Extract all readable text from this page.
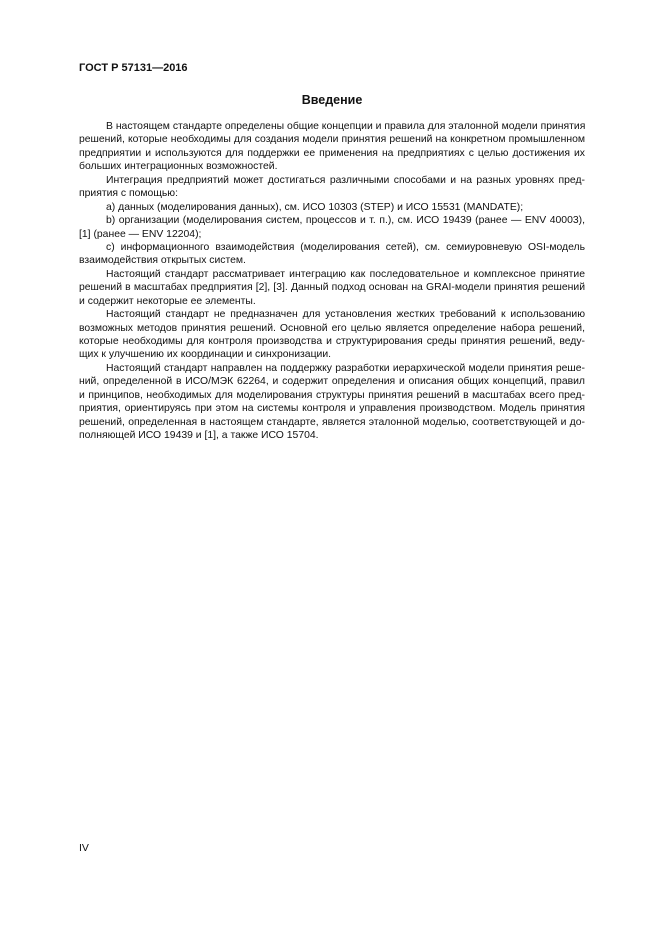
ГОСТ Р 57131—2016
Введение
В настоящем стандарте определены общие концепции и правила для эталонной модели принятия
решений, которые необходимы для создания модели принятия решений на конкретном промышленном
предприятии и используются для поддержки ее применения на предприятиях с целью достижения их
больших интеграционных возможностей.
Интеграция предприятий может достигаться различными способами и на разных уровнях пред-
приятия с помощью:
а) данных (моделирования данных), см. ИСО 10303 (STEP) и ИСО 15531 (MANDATE);
b) организации (моделирования систем, процессов и т. п.), см. ИСО 19439 (ранее — ENV 40003),
[1] (ранее — ENV 12204);
c) информационного взаимодействия (моделирования сетей), см. семиуровневую OSI-модель
взаимодействия открытых систем.
Настоящий стандарт рассматривает интеграцию как последовательное и комплексное принятие
решений в масштабах предприятия [2], [3]. Данный подход основан на GRAI-модели принятия решений
и содержит некоторые ее элементы.
Настоящий стандарт не предназначен для установления жестких требований к использованию
возможных методов принятия решений. Основной его целью является определение набора решений,
которые необходимы для контроля производства и структурирования среды принятия решений, веду-
щих к улучшению их координации и синхронизации.
Настоящий стандарт направлен на поддержку разработки иерархической модели принятия реше-
ний, определенной в ИСО/МЭК 62264, и содержит определения и описания общих концепций, правил
и принципов, необходимых для моделирования структуры принятия решений в масштабах всего пред-
приятия, ориентируясь при этом на системы контроля и управления производством. Модель принятия
решений, определенная в настоящем стандарте, является эталонной моделью, соответствующей и до-
полняющей ИСО 19439 и [1], а также ИСО 15704.
IV
